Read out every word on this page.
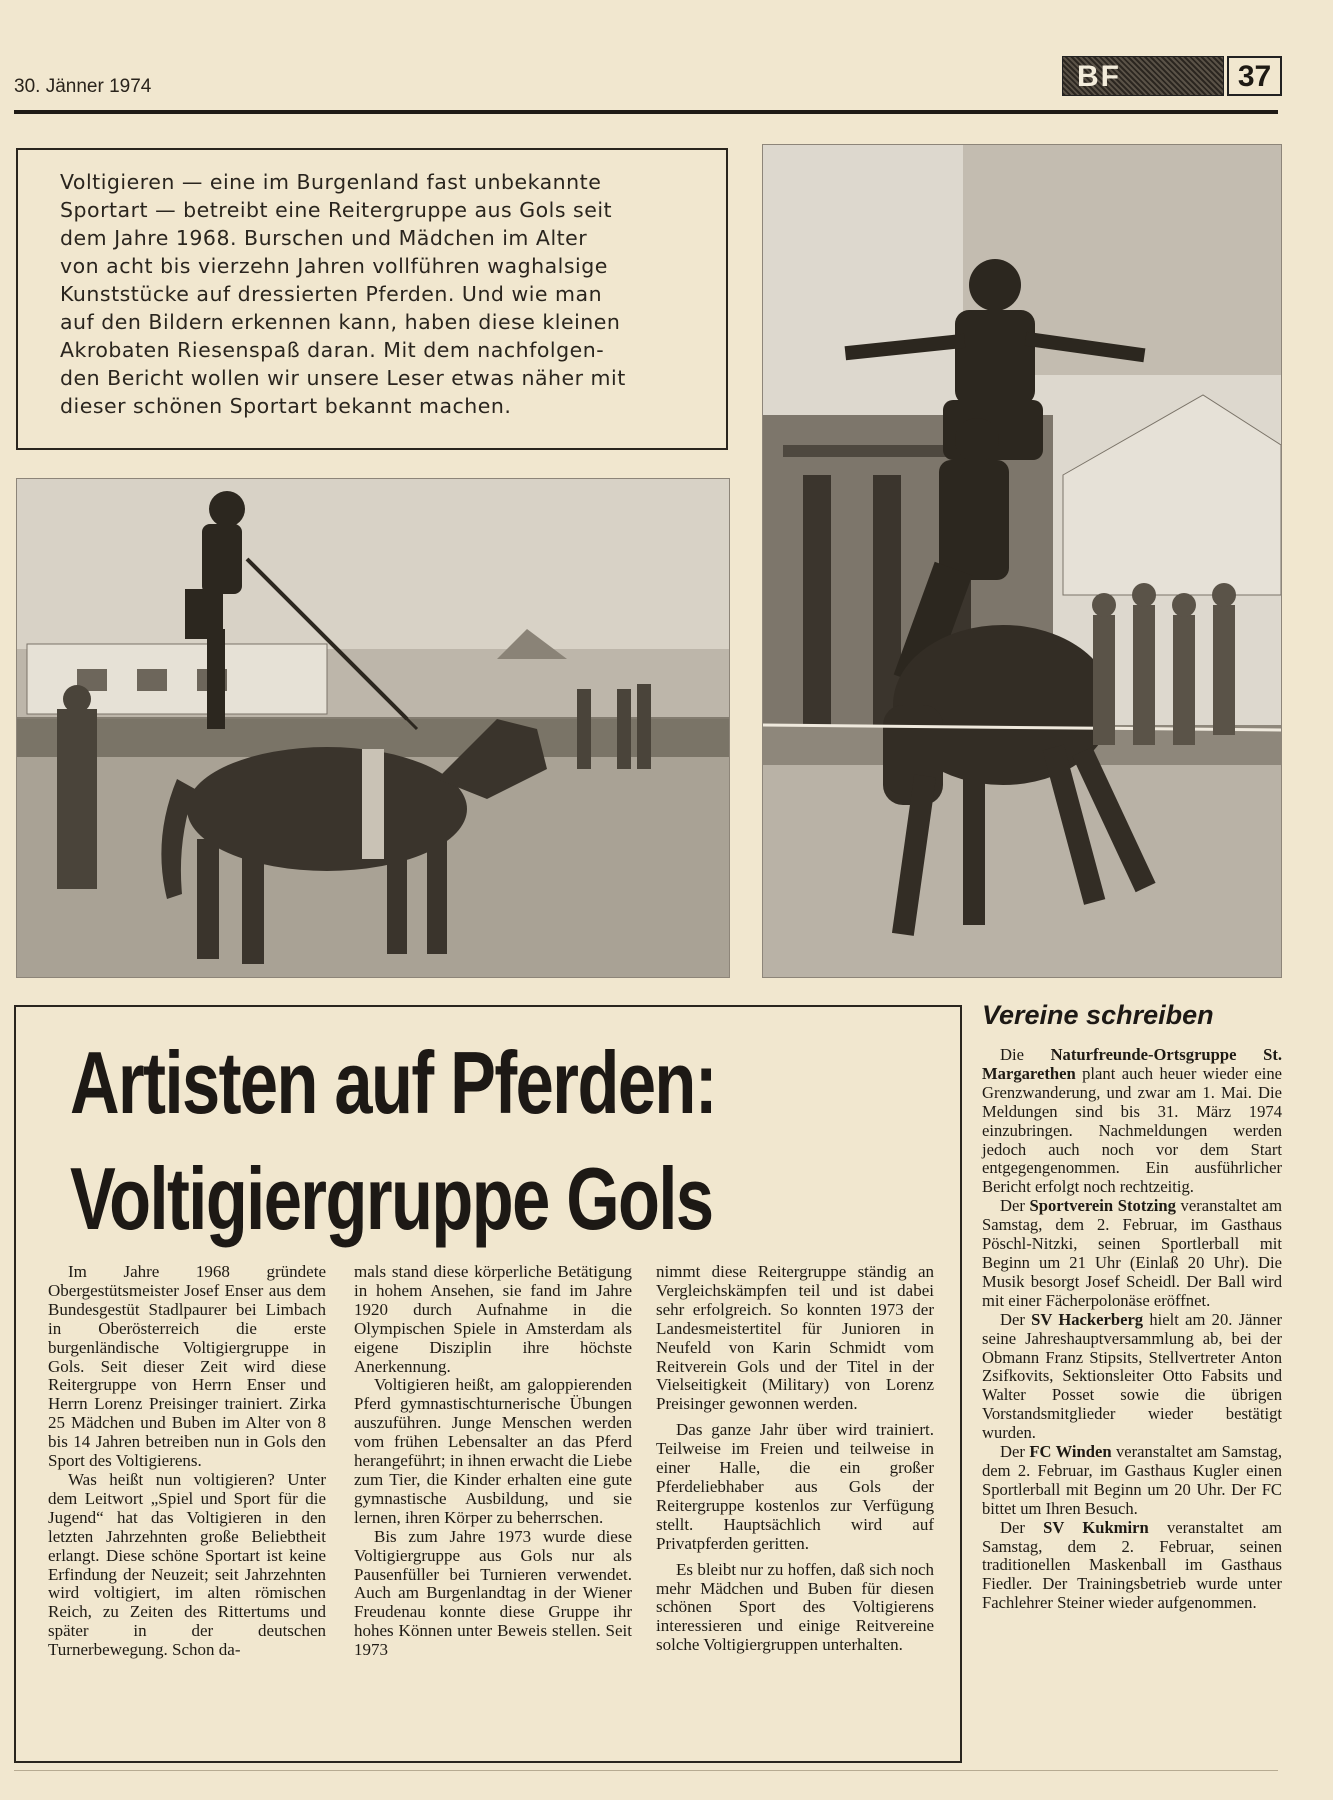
30. Jänner 1974	BF	37
Voltigieren — eine im Burgenland fast unbekannte
Sportart — betreibt eine Reitergruppe aus Gols seit
dem Jahre 1968. Burschen und Mädchen im Alter
von acht bis vierzehn Jahren vollführen waghalsige
Kunststücke auf dressierten Pferden. Und wie man
auf den Bildern erkennen kann, haben diese kleinen
Akrobaten Riesenspaß daran. Mit dem nachfolgen-
den Bericht wollen wir unsere Leser etwas näher mit
dieser schönen Sportart bekannt machen.
Artisten auf Pferden:
Voltigiergruppe Gols

Im Jahre 1968 gründete Obergestütsmeister Josef Enser aus dem Bundesgestüt Stadlpaurer bei Limbach in Oberösterreich die erste burgenländische Voltigiergruppe in Gols. Seit dieser Zeit wird diese Reitergruppe von Herrn Enser und Herrn Lorenz Preisinger trainiert. Zirka 25 Mädchen und Buben im Alter von 8 bis 14 Jahren betreiben nun in Gols den Sport des Voltigierens.

Was heißt nun voltigieren? Unter dem Leitwort „Spiel und Sport für die Jugend“ hat das Voltigieren in den letzten Jahrzehnten große Beliebtheit erlangt. Diese schöne Sportart ist keine Erfindung der Neuzeit; seit Jahrzehnten wird voltigiert, im alten römischen Reich, zu Zeiten des Rittertums und später in der deutschen Turnerbewegung. Schon da-

mals stand diese körperliche Betätigung in hohem Ansehen, sie fand im Jahre 1920 durch Aufnahme in die Olympischen Spiele in Amsterdam als eigene Disziplin ihre höchste Anerkennung.

Voltigieren heißt, am galoppierenden Pferd gymnastischturnerische Übungen auszuführen. Junge Menschen werden vom frühen Lebensalter an das Pferd herangeführt; in ihnen erwacht die Liebe zum Tier, die Kinder erhalten eine gute gymnastische Ausbildung, und sie lernen, ihren Körper zu beherrschen.

Bis zum Jahre 1973 wurde diese Voltigiergruppe aus Gols nur als Pausenfüller bei Turnieren verwendet. Auch am Burgenlandtag in der Wiener Freudenau konnte diese Gruppe ihr hohes Können unter Beweis stellen. Seit 1973

nimmt diese Reitergruppe ständig an Vergleichskämpfen teil und ist dabei sehr erfolgreich. So konnten 1973 der Landesmeistertitel für Junioren in Neufeld von Karin Schmidt vom Reitverein Gols und der Titel in der Vielseitigkeit (Military) von Lorenz Preisinger gewonnen werden.

Das ganze Jahr über wird trainiert. Teilweise im Freien und teilweise in einer Halle, die ein großer Pferdeliebhaber aus Gols der Reitergruppe kostenlos zur Verfügung stellt. Hauptsächlich wird auf Privatpferden geritten.

Es bleibt nur zu hoffen, daß sich noch mehr Mädchen und Buben für diesen schönen Sport des Voltigierens interessieren und einige Reitvereine solche Voltigiergruppen unterhalten.

Vereine schreiben

Die Naturfreunde-Ortsgruppe St. Margarethen plant auch heuer wieder eine Grenzwanderung, und zwar am 1. Mai. Die Meldungen sind bis 31. März 1974 einzubringen. Nachmeldungen werden jedoch auch noch vor dem Start entgegengenommen. Ein ausführlicher Bericht erfolgt noch rechtzeitig.

Der Sportverein Stotzing veranstaltet am Samstag, dem 2. Februar, im Gasthaus Pöschl-Nitzki, seinen Sportlerball mit Beginn um 21 Uhr (Einlaß 20 Uhr). Die Musik besorgt Josef Scheidl. Der Ball wird mit einer Fächerpolonäse eröffnet.

Der SV Hackerberg hielt am 20. Jänner seine Jahreshauptversammlung ab, bei der Obmann Franz Stipsits, Stellvertreter Anton Zsifkovits, Sektionsleiter Otto Fabsits und Walter Posset sowie die übrigen Vorstandsmitglieder wieder bestätigt wurden.

Der FC Winden veranstaltet am Samstag, dem 2. Februar, im Gasthaus Kugler einen Sportlerball mit Beginn um 20 Uhr. Der FC bittet um Ihren Besuch.

Der SV Kukmirn veranstaltet am Samstag, dem 2. Februar, seinen traditionellen Maskenball im Gasthaus Fiedler. Der Trainingsbetrieb wurde unter Fachlehrer Steiner wieder aufgenommen.
